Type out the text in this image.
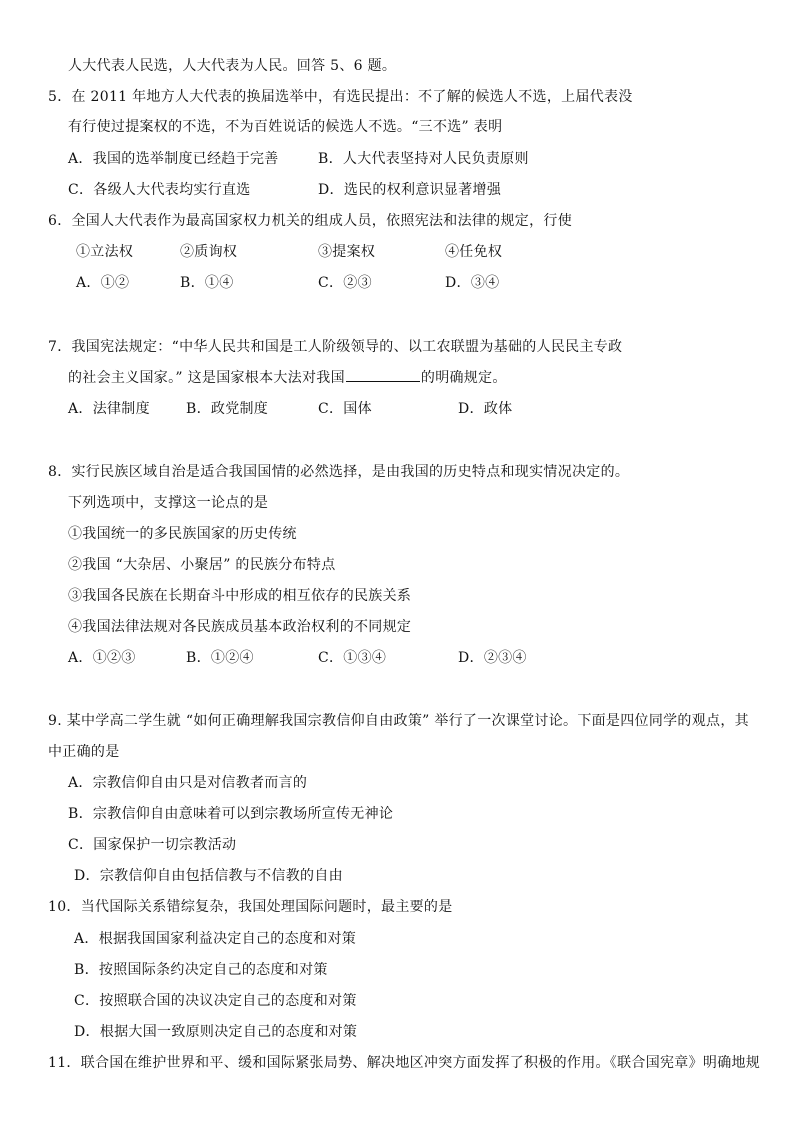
人大代表人民选，人大代表为人民。回答 5、6 题。
5．在 2011 年地方人大代表的换届选举中，有选民提出：不了解的候选人不选，上届代表没
有行使过提案权的不选，不为百姓说话的候选人不选。“三不选” 表明
A．我国的选举制度已经趋于完善	B．人大代表坚持对人民负责原则
C．各级人大代表均实行直选	D．选民的权利意识显著增强
6．全国人大代表作为最高国家权力机关的组成人员，依照宪法和法律的规定，行使
①立法权	②质询权	③提案权	④任免权
A．①②	B．①④	C．②③	D．③④
7．我国宪法规定：“中华人民共和国是工人阶级领导的、以工农联盟为基础的人民民主专政
的社会主义国家。” 这是国家根本大法对我国	的明确规定。
A．法律制度	B．政党制度	C．国体	D．政体
8．实行民族区域自治是适合我国国情的必然选择，是由我国的历史特点和现实情况决定的。
下列选项中，支撑这一论点的是
①我国统一的多民族国家的历史传统
②我国 “大杂居、小聚居” 的民族分布特点
③我国各民族在长期奋斗中形成的相互依存的民族关系
④我国法律法规对各民族成员基本政治权利的不同规定
A．①②③	B．①②④	C．①③④	D．②③④
9. 某中学高二学生就 “如何正确理解我国宗教信仰自由政策” 举行了一次课堂讨论。下面是四位同学的观点，其
中正确的是
A．宗教信仰自由只是对信教者而言的
B．宗教信仰自由意味着可以到宗教场所宣传无神论
C．国家保护一切宗教活动
D．宗教信仰自由包括信教与不信教的自由
10．当代国际关系错综复杂，我国处理国际问题时，最主要的是
A．根据我国国家利益决定自己的态度和对策
B．按照国际条约决定自己的态度和对策
C．按照联合国的决议决定自己的态度和对策
D．根据大国一致原则决定自己的态度和对策
11．联合国在维护世界和平、缓和国际紧张局势、解决地区冲突方面发挥了积极的作用。《联合国宪章》明确地规
